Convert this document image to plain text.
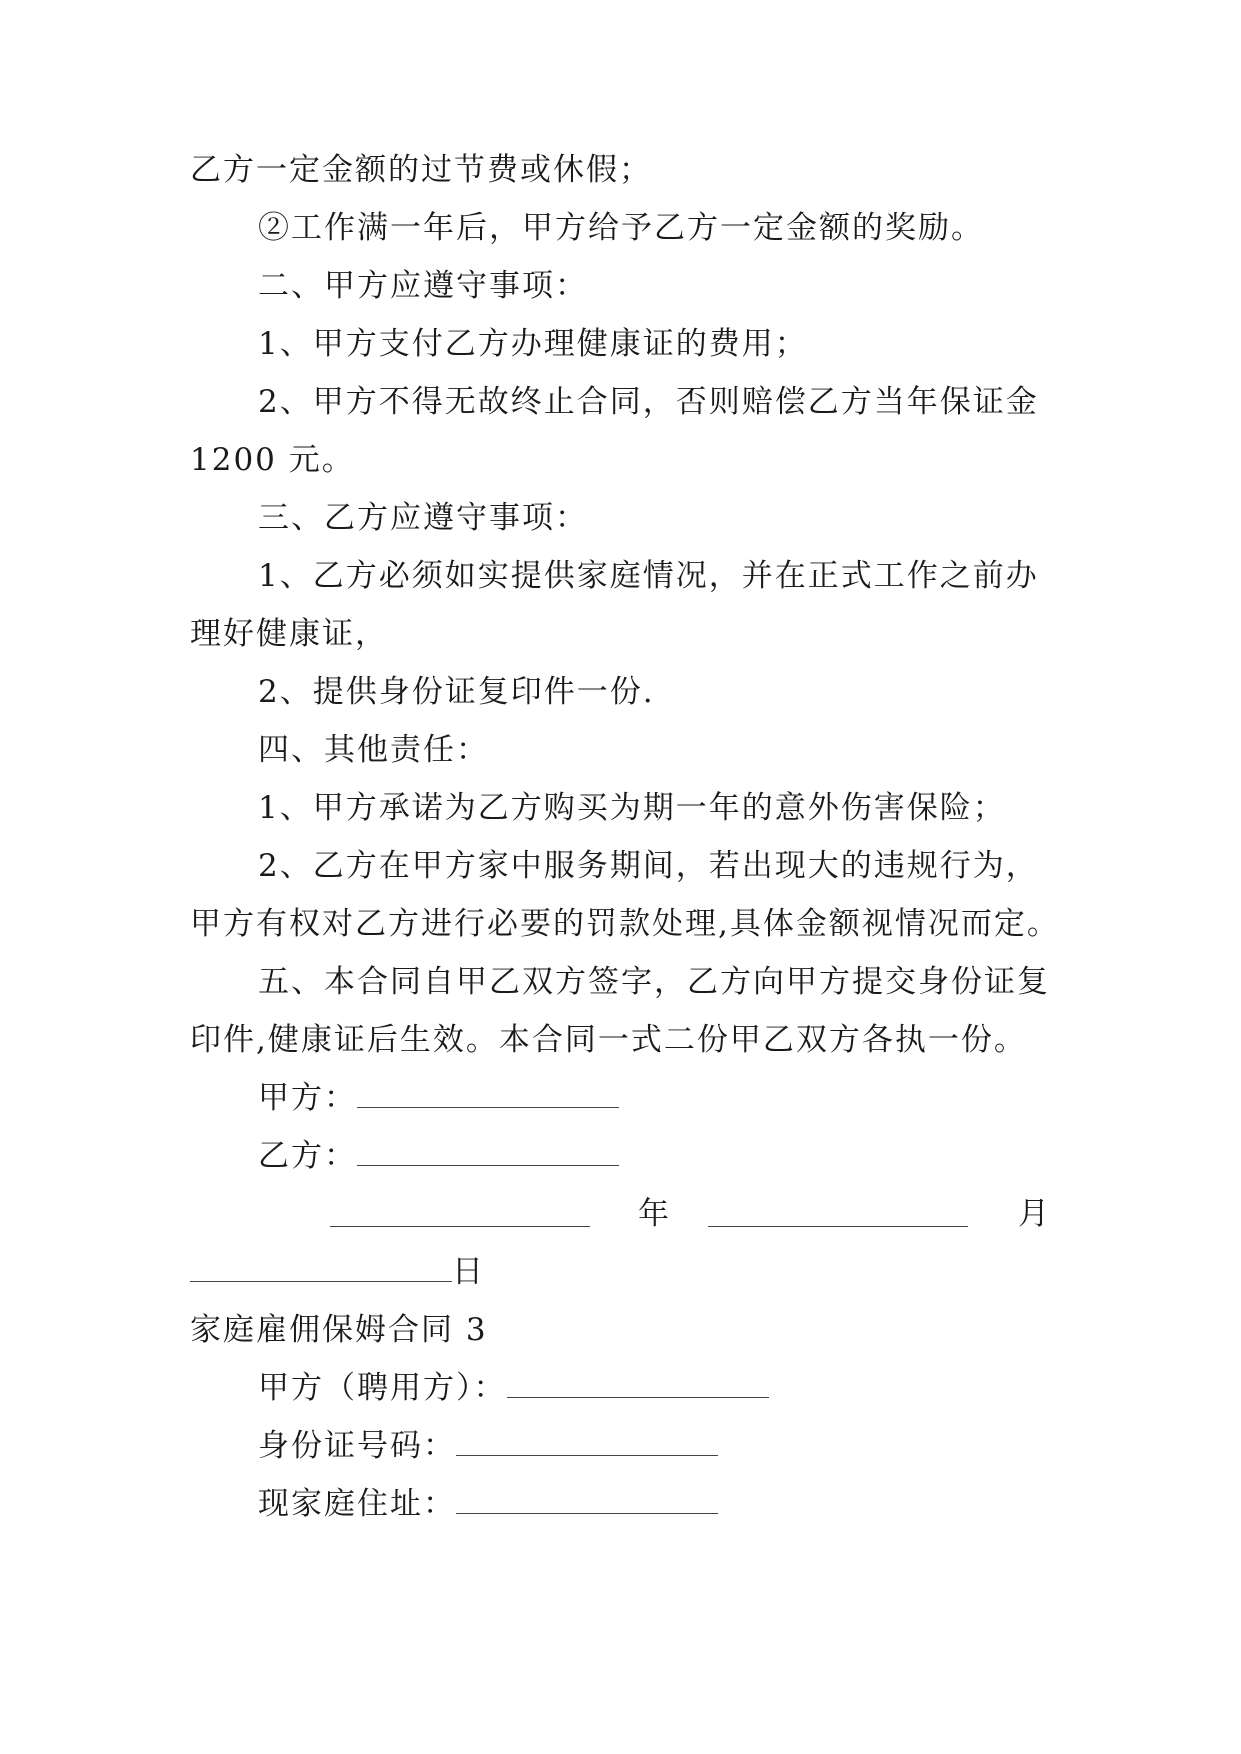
乙方一定金额的过节费或休假；
②工作满一年后，甲方给予乙方一定金额的奖励。
二、甲方应遵守事项：
1、甲方支付乙方办理健康证的费用；
2、甲方不得无故终止合同，否则赔偿乙方当年保证金
1200 元。
三、乙方应遵守事项：
1、乙方必须如实提供家庭情况，并在正式工作之前办
理好健康证，
2、提供身份证复印件一份.
四、其他责任：
1、甲方承诺为乙方购买为期一年的意外伤害保险；
2、乙方在甲方家中服务期间，若出现大的违规行为，
甲方有权对乙方进行必要的罚款处理,具体金额视情况而定。
五、本合同自甲乙双方签字，乙方向甲方提交身份证复
印件,健康证后生效。本合同一式二份甲乙双方各执一份。
甲方：
乙方：
年	月
日
家庭雇佣保姆合同 3
甲方（聘用方）：
身份证号码：
现家庭住址：
